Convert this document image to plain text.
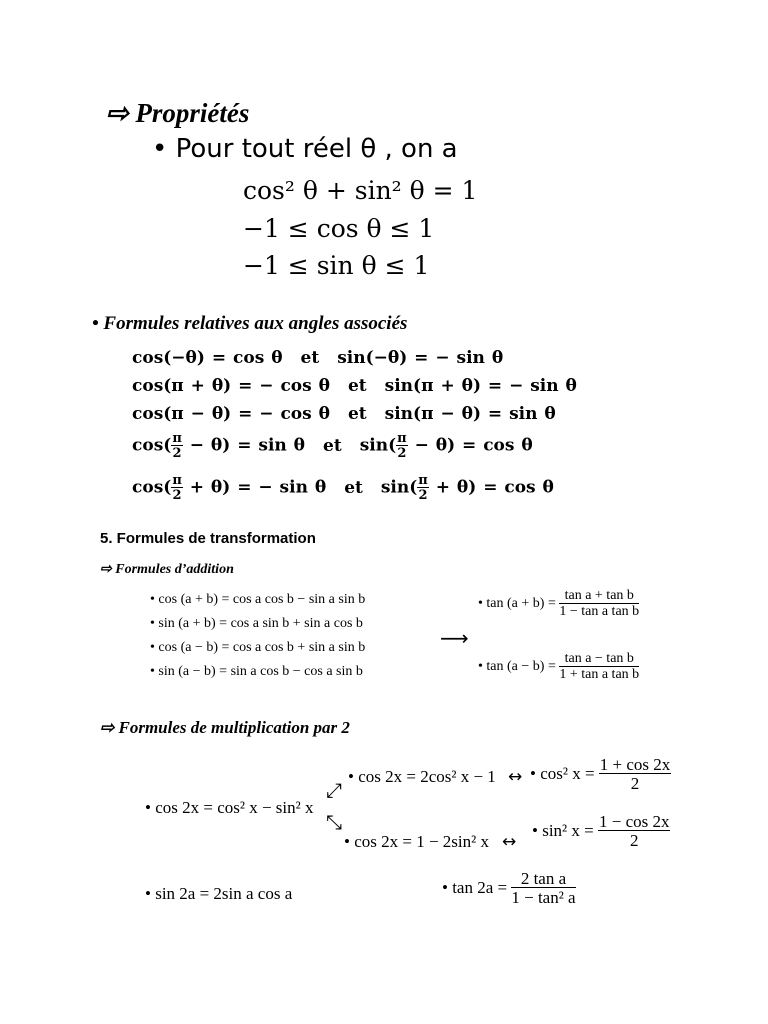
⇨ Propriétés
• Pour tout réel θ , on a
cos² θ + sin² θ = 1
−1 ≤ cos θ ≤ 1
−1 ≤ sin θ ≤ 1
• Formules relatives aux angles associés
cos(−θ) = cos θ et sin(−θ) = − sin θ
cos(π + θ) = − cos θ et sin(π + θ) = − sin θ
cos(π − θ) = − cos θ et sin(π − θ) = sin θ
$\cos( \frac{\pi}{2} - \theta) = \sin \theta$ et $\sin( \frac{\pi}{2} - \theta) = \cos \theta$
$\cos( \frac{\pi}{2} + \theta)$ = − sin θ et $\sin( \frac{\pi}{2} + \theta) = \cos \theta$
5. Formules de transformation
⇨ Formules d’addition
• cos (a + b) = cos a cos b − sin a sin b
• sin (a + b) = cos a sin b + sin a cos b
• cos (a − b) = cos a cos b + sin a sin b
• sin (a − b) = sin a cos b − cos a sin b
⟶
• $\tan (a + b) = \frac{\text{tan a + tan b}}{\text{1 − tan a tan b}}$
• $\tan (a - b) = \frac{\text{tan a − tan b}}{\text{1 + tan a tan b}}$
⇨ Formules de multiplication par 2
• cos 2x = cos² x − sin² x
⤢
⤡
• cos 2x = 2cos² x − 1 ↔ • cos² $x = \frac{1 + \cos 2x}{2}$
• cos 2x = 1 − 2sin² x ↔
• sin² $x = \frac{1 - \cos 2x}{2}$
• sin 2a = 2sin a cos a	• $\tan 2a = \frac{\text{2 tan a}}{\text{1 − tan² a}}$
